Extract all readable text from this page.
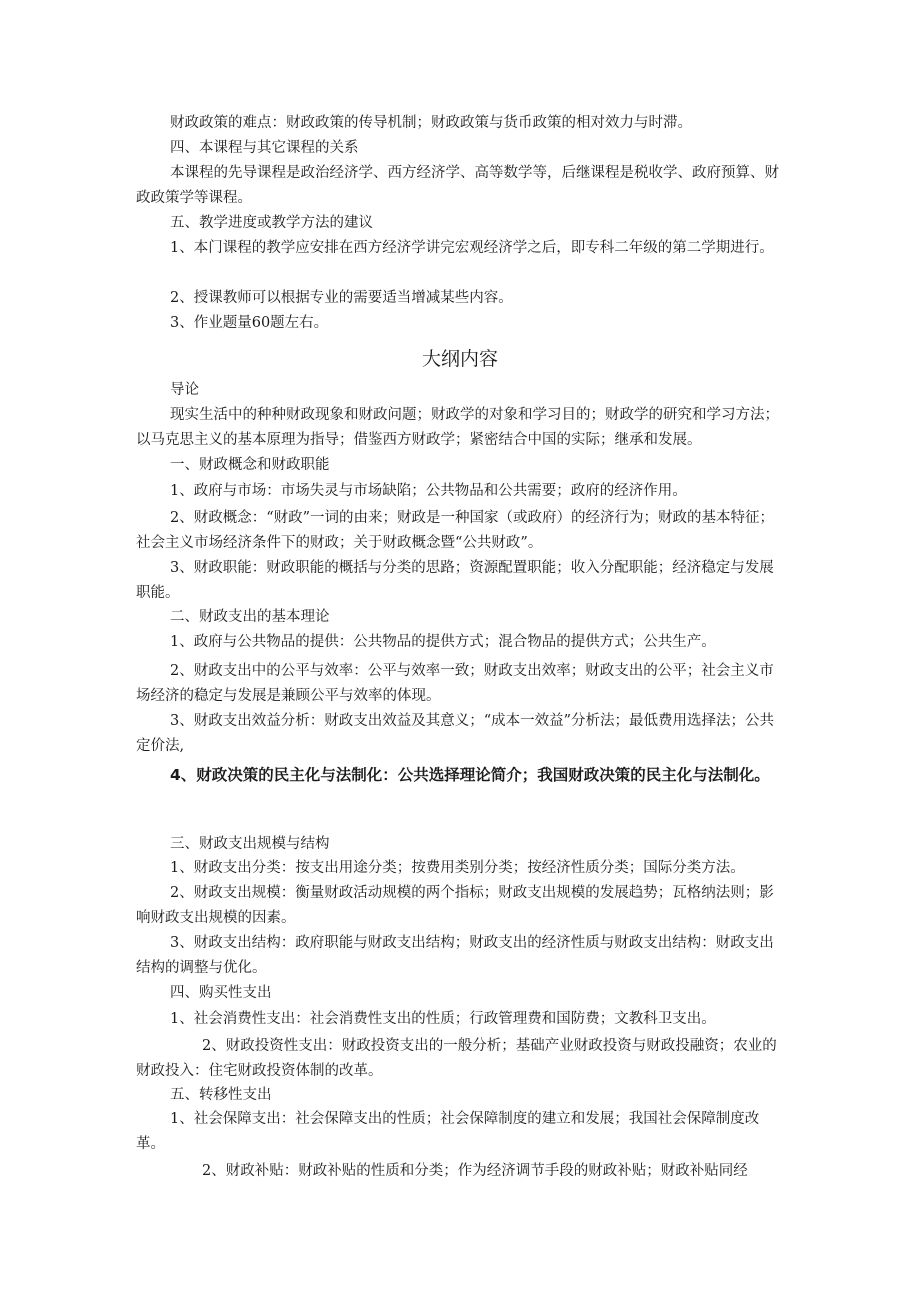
财政政策的难点：财政政策的传导机制；财政政策与货币政策的相对效力与时滞。

四、本课程与其它课程的关系

本课程的先导课程是政治经济学、西方经济学、高等数学等，后继课程是税收学、政府预算、财政政策学等课程。

五、教学进度或教学方法的建议

1、本门课程的教学应安排在西方经济学讲完宏观经济学之后，即专科二年级的第二学期进行。

2、授课教师可以根据专业的需要适当增减某些内容。

3、作业题量60题左右。

大纲内容

导论

现实生活中的种种财政现象和财政问题；财政学的对象和学习目的；财政学的研究和学习方法；以马克思主义的基本原理为指导；借鉴西方财政学；紧密结合中国的实际；继承和发展。

一、财政概念和财政职能

1、政府与市场：市场失灵与市场缺陷；公共物品和公共需要；政府的经济作用。

2、财政概念：“财政”一词的由来；财政是一种国家（或政府）的经济行为；财政的基本特征；社会主义市场经济条件下的财政；关于财政概念暨“公共财政”。

3、财政职能：财政职能的概括与分类的思路；资源配置职能；收入分配职能；经济稳定与发展职能。

二、财政支出的基本理论

1、政府与公共物品的提供：公共物品的提供方式；混合物品的提供方式；公共生产。

2、财政支出中的公平与效率：公平与效率一致；财政支出效率；财政支出的公平；社会主义市场经济的稳定与发展是兼顾公平与效率的体现。

3、财政支出效益分析：财政支出效益及其意义；“成本一效益”分析法；最低费用选择法；公共定价法,

4、财政决策的民主化与法制化：公共选择理论简介；我国财政决策的民主化与法制化。

三、财政支出规模与结构

1、财政支出分类：按支出用途分类；按费用类别分类；按经济性质分类；国际分类方法。

2、财政支出规模：衡量财政活动规模的两个指标；财政支出规模的发展趋势；瓦格纳法则；影响财政支出规模的因素。

3、财政支出结构：政府职能与财政支出结构；财政支出的经济性质与财政支出结构：财政支出结构的调整与优化。

四、购买性支出

1、社会消费性支出：社会消费性支出的性质；行政管理费和国防费；文教科卫支出。

2、财政投资性支出：财政投资支出的一般分析；基础产业财政投资与财政投融资；农业的财政投入：住宅财政投资体制的改革。

五、转移性支出

1、社会保障支出：社会保障支出的性质；社会保障制度的建立和发展；我国社会保障制度改革。

2、财政补贴：财政补贴的性质和分类；作为经济调节手段的财政补贴；财政补贴同经
